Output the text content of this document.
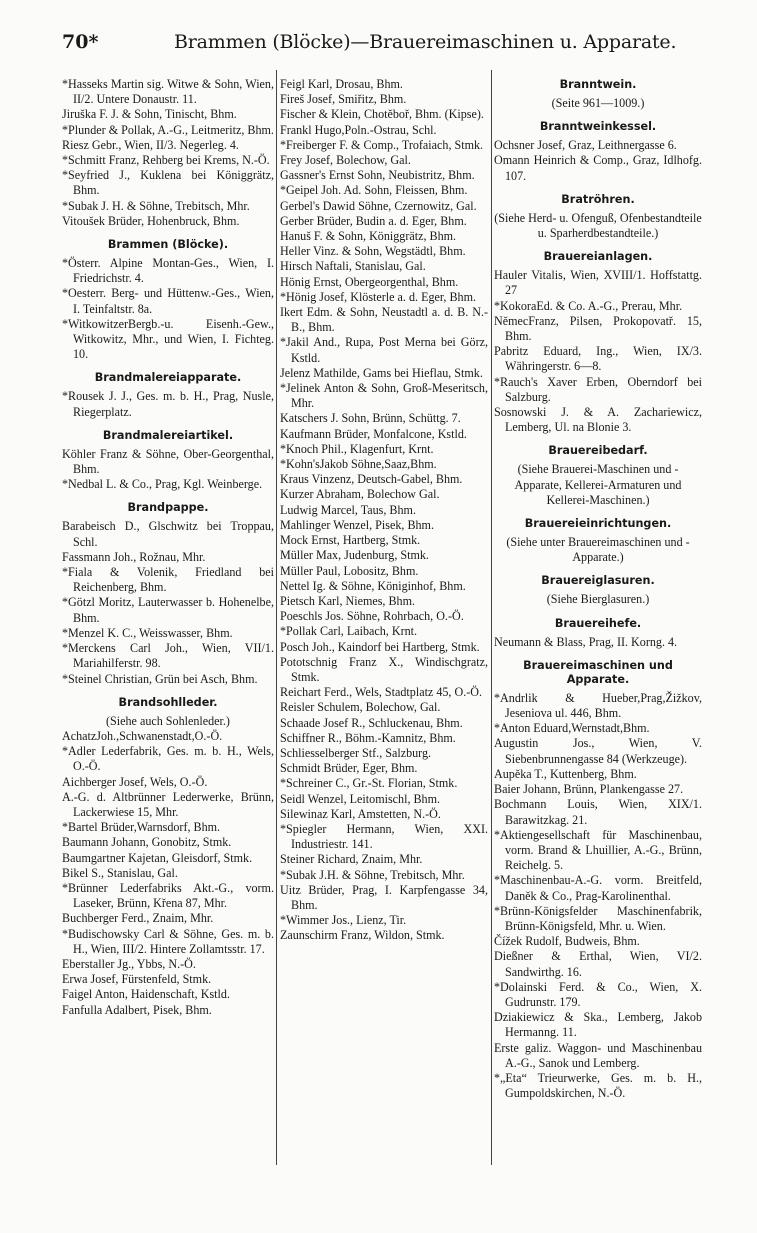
70*	Brammen (Blöcke)—Brauereimaschinen u. Apparate.
*Hasseks Martin sig. Witwe & Sohn, Wien, II/2. Untere Donaustr. 11.
Jiruška F. J. & Sohn, Tinischt, Bhm.
*Plunder & Pollak, A.-G., Leitmeritz, Bhm.
Riesz Gebr., Wien, II/3. Negerleg. 4.
*Schmitt Franz, Rehberg bei Krems, N.-Ö.
*Seyfried J., Kuklena bei Königgrätz, Bhm.
*Subak J. H. & Söhne, Trebitsch, Mhr.
Vitoušek Brüder, Hohenbruck, Bhm.
Brammen (Blöcke).
*Österr. Alpine Montan-Ges., Wien, I. Friedrichstr. 4.
*Oesterr. Berg- und Hüttenw.-Ges., Wien, I. Teinfaltstr. 8a.
*WitkowitzerBergb.-u. Eisenh.-Gew., Witkowitz, Mhr., und Wien, I. Fichteg. 10.
Brandmalereiapparate.
*Rousek J. J., Ges. m. b. H., Prag, Nusle, Riegerplatz.
Brandmalereiartikel.
Köhler Franz & Söhne, Ober-Georgenthal, Bhm.
*Nedbal L. & Co., Prag, Kgl. Weinberge.
Brandpappe.
Barabeisch D., Glschwitz bei Troppau, Schl.
Fassmann Joh., Rožnau, Mhr.
*Fiala & Volenik, Friedland bei Reichenberg, Bhm.
*Götzl Moritz, Lauterwasser b. Hohenelbe, Bhm.
*Menzel K. C., Weisswasser, Bhm.
*Merckens Carl Joh., Wien, VII/1. Mariahilferstr. 98.
*Steinel Christian, Grün bei Asch, Bhm.
Brandsohlleder.
(Siehe auch Sohlenleder.)
AchatzJoh.,Schwanenstadt,O.-Ö.
*Adler Lederfabrik, Ges. m. b. H., Wels, O.-Ö.
Aichberger Josef, Wels, O.-Ö.
A.-G. d. Altbrünner Lederwerke, Brünn, Lackerwiese 15, Mhr.
*Bartel Brüder,Warnsdorf, Bhm.
Baumann Johann, Gonobitz, Stmk.
Baumgartner Kajetan, Gleisdorf, Stmk.
Bikel S., Stanislau, Gal.
*Brünner Lederfabriks Akt.-G., vorm. Laseker, Brünn, Křena 87, Mhr.
Buchberger Ferd., Znaim, Mhr.
*Budischowsky Carl & Söhne, Ges. m. b. H., Wien, III/2. Hintere Zollamtsstr. 17.
Eberstaller Jg., Ybbs, N.-Ö.
Erwa Josef, Fürstenfeld, Stmk.
Faigel Anton, Haidenschaft, Kstld.
Fanfulla Adalbert, Pisek, Bhm.
Feigl Karl, Drosau, Bhm.
Fireš Josef, Smiřitz, Bhm.
Fischer & Klein, Chotěboř, Bhm. (Kipse).
Frankl Hugo,Poln.-Ostrau, Schl.
*Freiberger F. & Comp., Trofaiach, Stmk.
Frey Josef, Bolechow, Gal.
Gassner's Ernst Sohn, Neubistritz, Bhm.
*Geipel Joh. Ad. Sohn, Fleissen, Bhm.
Gerbel's Dawid Söhne, Czernowitz, Gal.
Gerber Brüder, Budin a. d. Eger, Bhm.
Hanuš F. & Sohn, Königgrätz, Bhm.
Heller Vinz. & Sohn, Wegstädtl, Bhm.
Hirsch Naftali, Stanislau, Gal.
Hönig Ernst, Obergeorgenthal, Bhm.
*Hönig Josef, Klösterle a. d. Eger, Bhm.
Ikert Edm. & Sohn, Neustadtl a. d. B. N.-B., Bhm.
*Jakil And., Rupa, Post Merna bei Görz, Kstld.
Jelenz Mathilde, Gams bei Hieflau, Stmk.
*Jelinek Anton & Sohn, Groß-Meseritsch, Mhr.
Katschers J. Sohn, Brünn, Schüttg. 7.
Kaufmann Brüder, Monfalcone, Kstld.
*Knoch Phil., Klagenfurt, Krnt.
*Kohn'sJakob Söhne,Saaz,Bhm.
Kraus Vinzenz, Deutsch-Gabel, Bhm.
Kurzer Abraham, Bolechow Gal.
Ludwig Marcel, Taus, Bhm.
Mahlinger Wenzel, Pisek, Bhm.
Mock Ernst, Hartberg, Stmk.
Müller Max, Judenburg, Stmk.
Müller Paul, Lobositz, Bhm.
Nettel Ig. & Söhne, Königinhof, Bhm.
Pietsch Karl, Niemes, Bhm.
Poeschls Jos. Söhne, Rohrbach, O.-Ö.
*Pollak Carl, Laibach, Krnt.
Posch Joh., Kaindorf bei Hartberg, Stmk.
Pototschnig Franz X., Windischgratz, Stmk.
Reichart Ferd., Wels, Stadtplatz 45, O.-Ö.
Reisler Schulem, Bolechow, Gal.
Schaade Josef R., Schluckenau, Bhm.
Schiffner R., Böhm.-Kamnitz, Bhm.
Schliesselberger Stf., Salzburg.
Schmidt Brüder, Eger, Bhm.
*Schreiner C., Gr.-St. Florian, Stmk.
Seidl Wenzel, Leitomischl, Bhm.
Silewinaz Karl, Amstetten, N.-Ö.
*Spiegler Hermann, Wien, XXI. Industriestr. 141.
Steiner Richard, Znaim, Mhr.
*Subak J.H. & Söhne, Trebitsch, Mhr.
Uitz Brüder, Prag, I. Karpfengasse 34, Bhm.
*Wimmer Jos., Lienz, Tir.
Zaunschirm Franz, Wildon, Stmk.
Branntwein.
(Seite 961—1009.)
Branntweinkessel.
Ochsner Josef, Graz, Leithnergasse 6.
Omann Heinrich & Comp., Graz, Idlhofg. 107.
Bratröhren.
(Siehe Herd- u. Ofenguß, Ofenbestandteile u. Sparherdbestandteile.)
Brauereianlagen.
Hauler Vitalis, Wien, XVIII/1. Hoffstattg. 27
*KokoraEd. & Co. A.-G., Prerau, Mhr.
NěmecFranz, Pilsen, Prokopovatř. 15, Bhm.
Pabritz Eduard, Ing., Wien, IX/3. Währingerstr. 6—8.
*Rauch's Xaver Erben, Oberndorf bei Salzburg.
Sosnowski J. & A. Zachariewicz, Lemberg, Ul. na Blonie 3.
Brauereibedarf.
(Siehe Brauerei-Maschinen und -Apparate, Kellerei-Armaturen und Kellerei-Maschinen.)
Brauereieinrichtungen.
(Siehe unter Brauereimaschinen und -Apparate.)
Brauereiglasuren.
(Siehe Bierglasuren.)
Brauereihefe.
Neumann & Blass, Prag, II. Korng. 4.
Brauereimaschinen und Apparate.
*Andrlik & Hueber,Prag,Žižkov, Jeseniova ul. 446, Bhm.
*Anton Eduard,Wernstadt,Bhm.
Augustin Jos., Wien, V. Siebenbrunnengasse 84 (Werkzeuge).
Aupěka T., Kuttenberg, Bhm.
Baier Johann, Brünn, Plankengasse 27.
Bochmann Louis, Wien, XIX/1. Barawitzkag. 21.
*Aktiengesellschaft für Maschinenbau, vorm. Brand & Lhuillier, A.-G., Brünn, Reichelg. 5.
*Maschinenbau-A.-G. vorm. Breitfeld, Daněk & Co., Prag-Karolinenthal.
*Brünn-Königsfelder Maschinenfabrik, Brünn-Königsfeld, Mhr. u. Wien.
Čížek Rudolf, Budweis, Bhm.
Dießner & Erthal, Wien, VI/2. Sandwirthg. 16.
*Dolainski Ferd. & Co., Wien, X. Gudrunstr. 179.
Dziakiewicz & Ska., Lemberg, Jakob Hermanng. 11.
Erste galiz. Waggon- und Maschinenbau A.-G., Sanok und Lemberg.
*„Eta“ Trieurwerke, Ges. m. b. H., Gumpoldskirchen, N.-Ö.
